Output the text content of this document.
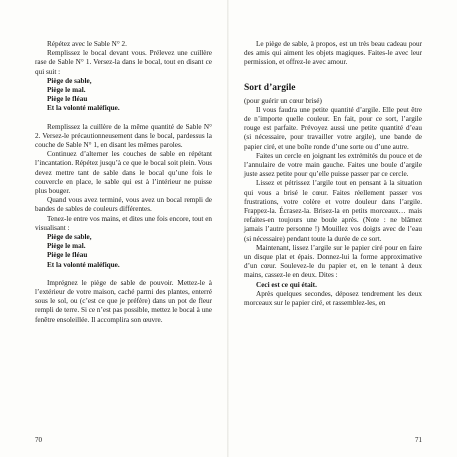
Répétez avec le Sable N° 2.

Remplissez le bocal devant vous. Prélevez une cuillère rase de Sable N° 1. Versez-la dans le bocal, tout en disant ce qui suit :

Piège de sable,

Piège le mal.

Piège le fléau

Et la volonté maléfique.

Remplissez la cuillère de la même quantité de Sable N° 2. Versez-le précautionneusement dans le bocal, pardessus la couche de Sable N° 1, en disant les mêmes paroles.

Continuez d’alterner les couches de sable en répétant l’incantation. Répétez jusqu’à ce que le bocal soit plein. Vous devez mettre tant de sable dans le bocal qu’une fois le couvercle en place, le sable qui est à l’intérieur ne puisse plus bouger.

Quand vous avez terminé, vous avez un bocal rempli de bandes de sables de couleurs différentes.

Tenez-le entre vos mains, et dites une fois encore, tout en visualisant :

Piège de sable,

Piège le mal.

Piège le fléau

Et la volonté maléfique.

Imprégnez le piège de sable de pouvoir. Mettez-le à l’extérieur de votre maison, caché parmi des plantes, enterré sous le sol, ou (c’est ce que je préfère) dans un pot de fleur rempli de terre. Si ce n’est pas possible, mettez le bocal à une fenêtre ensoleillée. Il accomplira son œuvre.

70

Le piège de sable, à propos, est un très beau cadeau pour des amis qui aiment les objets magiques. Faites-le avec leur permission, et offrez-le avec amour.

Sort d’argile

(pour guérir un cœur brisé)

Il vous faudra une petite quantité d’argile. Elle peut être de n’importe quelle couleur. En fait, pour ce sort, l’argile rouge est parfaite. Prévoyez aussi une petite quantité d’eau (si nécessaire, pour travailler votre argile), une bande de papier ciré, et une boîte ronde d’une sorte ou d’une autre.

Faites un cercle en joignant les extrémités du pouce et de l’annulaire de votre main gauche. Faites une boule d’argile juste assez petite pour qu’elle puisse passer par ce cercle.

Lissez et pétrissez l’argile tout en pensant à la situation qui vous a brisé le cœur. Faites réellement passer vos frustrations, votre colère et votre douleur dans l’argile. Frappez-la. Écrasez-la. Brisez-la en petits morceaux… mais refaites-en toujours une boule après. (Note : ne blâmez jamais l’autre personne !) Mouillez vos doigts avec de l’eau (si nécessaire) pendant toute la durée de ce sort.

Maintenant, lissez l’argile sur le papier ciré pour en faire un disque plat et épais. Donnez-lui la forme approximative d’un cœur. Soulevez-le du papier et, en le tenant à deux mains, cassez-le en deux. Dites :

Ceci est ce qui était.

Après quelques secondes, déposez tendrement les deux morceaux sur le papier ciré, et rassemblez-les, en

71
